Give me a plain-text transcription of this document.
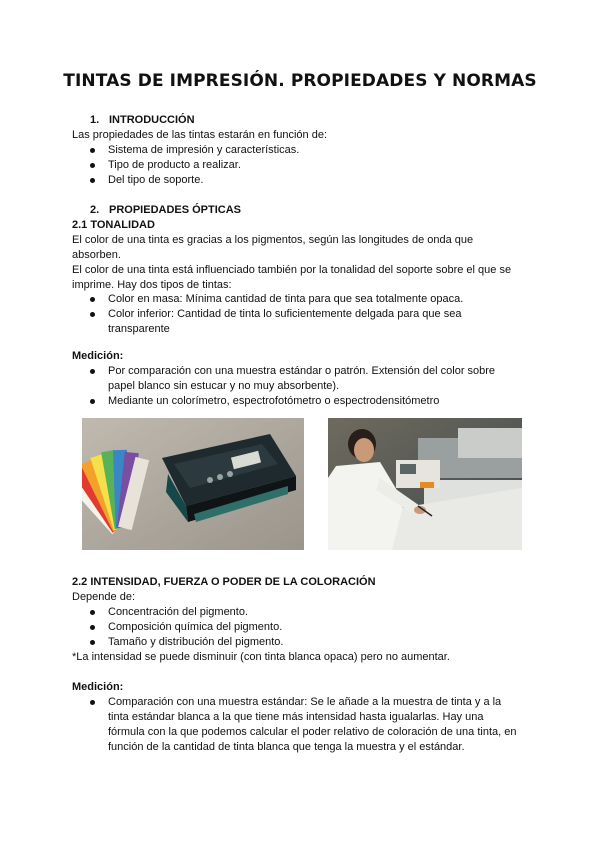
TINTAS DE IMPRESIÓN. PROPIEDADES Y NORMAS
1. INTRODUCCIÓN
Las propiedades de las tintas estarán en función de:
Sistema de impresión y características.
Tipo de producto a realizar.
Del tipo de soporte.
2. PROPIEDADES ÓPTICAS
2.1 TONALIDAD
El color de una tinta es gracias a los pigmentos, según las longitudes de onda que absorben.
El color de una tinta está influenciado también por la tonalidad del soporte sobre el que se imprime. Hay dos tipos de tintas:
Color en masa: Mínima cantidad de tinta para que sea totalmente opaca.
Color inferior: Cantidad de tinta lo suficientemente delgada para que sea transparente
Medición:
Por comparación con una muestra estándar o patrón. Extensión del color sobre papel blanco sin estucar y no muy absorbente).
Mediante un colorímetro, espectrofotómetro o espectrodensitómetro
2.2 INTENSIDAD, FUERZA O PODER DE LA COLORACIÓN
Depende de:
Concentración del pigmento.
Composición química del pigmento.
Tamaño y distribución del pigmento.
*La intensidad se puede disminuir (con tinta blanca opaca) pero no aumentar.
Medición:
Comparación con una muestra estándar: Se le añade a la muestra de tinta y a la tinta estándar blanca a la que tiene más intensidad hasta igualarlas. Hay una fórmula con la que podemos calcular el poder relativo de coloración de una tinta, en función de la cantidad de tinta blanca que tenga la muestra y el estándar.
